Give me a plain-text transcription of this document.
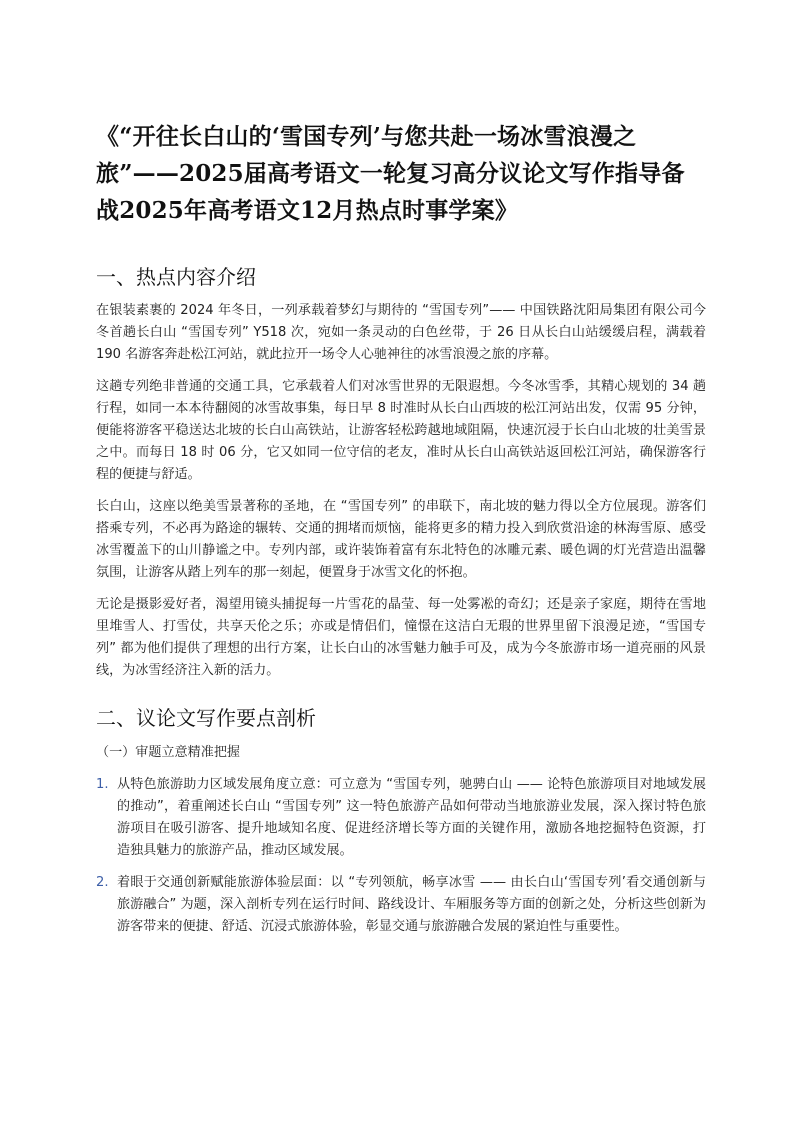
《“开往长白山的‘雪国专列’与您共赴一场冰雪浪漫之旅”——2025届高考语文一轮复习高分议论文写作指导备战2025年高考语文12月热点时事学案》
一、热点内容介绍

在银装素裹的 2024 年冬日，一列承载着梦幻与期待的 “雪国专列”—— 中国铁路沈阳局集团有限公司今冬首趟长白山 “雪国专列” Y518 次，宛如一条灵动的白色丝带，于 26 日从长白山站缓缓启程，满载着 190 名游客奔赴松江河站，就此拉开一场令人心驰神往的冰雪浪漫之旅的序幕。

这趟专列绝非普通的交通工具，它承载着人们对冰雪世界的无限遐想。今冬冰雪季，其精心规划的 34 趟行程，如同一本本待翻阅的冰雪故事集，每日早 8 时准时从长白山西坡的松江河站出发，仅需 95 分钟，便能将游客平稳送达北坡的长白山高铁站，让游客轻松跨越地域阻隔，快速沉浸于长白山北坡的壮美雪景之中。而每日 18 时 06 分，它又如同一位守信的老友，准时从长白山高铁站返回松江河站，确保游客行程的便捷与舒适。

长白山，这座以绝美雪景著称的圣地，在 “雪国专列” 的串联下，南北坡的魅力得以全方位展现。游客们搭乘专列，不必再为路途的辗转、交通的拥堵而烦恼，能将更多的精力投入到欣赏沿途的林海雪原、感受冰雪覆盖下的山川静谧之中。专列内部，或许装饰着富有东北特色的冰雕元素、暖色调的灯光营造出温馨氛围，让游客从踏上列车的那一刻起，便置身于冰雪文化的怀抱。

无论是摄影爱好者，渴望用镜头捕捉每一片雪花的晶莹、每一处雾凇的奇幻；还是亲子家庭，期待在雪地里堆雪人、打雪仗，共享天伦之乐；亦或是情侣们，憧憬在这洁白无瑕的世界里留下浪漫足迹，“雪国专列” 都为他们提供了理想的出行方案，让长白山的冰雪魅力触手可及，成为今冬旅游市场一道亮丽的风景线，为冰雪经济注入新的活力。

二、议论文写作要点剖析

（一）审题立意精准把握

1. 从特色旅游助力区域发展角度立意：可立意为 “雪国专列，驰骋白山 —— 论特色旅游项目对地域发展的推动”，着重阐述长白山 “雪国专列” 这一特色旅游产品如何带动当地旅游业发展，深入探讨特色旅游项目在吸引游客、提升地域知名度、促进经济增长等方面的关键作用，激励各地挖掘特色资源，打造独具魅力的旅游产品，推动区域发展。
2. 着眼于交通创新赋能旅游体验层面：以 “专列领航，畅享冰雪 —— 由长白山‘雪国专列’看交通创新与旅游融合” 为题，深入剖析专列在运行时间、路线设计、车厢服务等方面的创新之处，分析这些创新为游客带来的便捷、舒适、沉浸式旅游体验，彰显交通与旅游融合发展的紧迫性与重要性。
